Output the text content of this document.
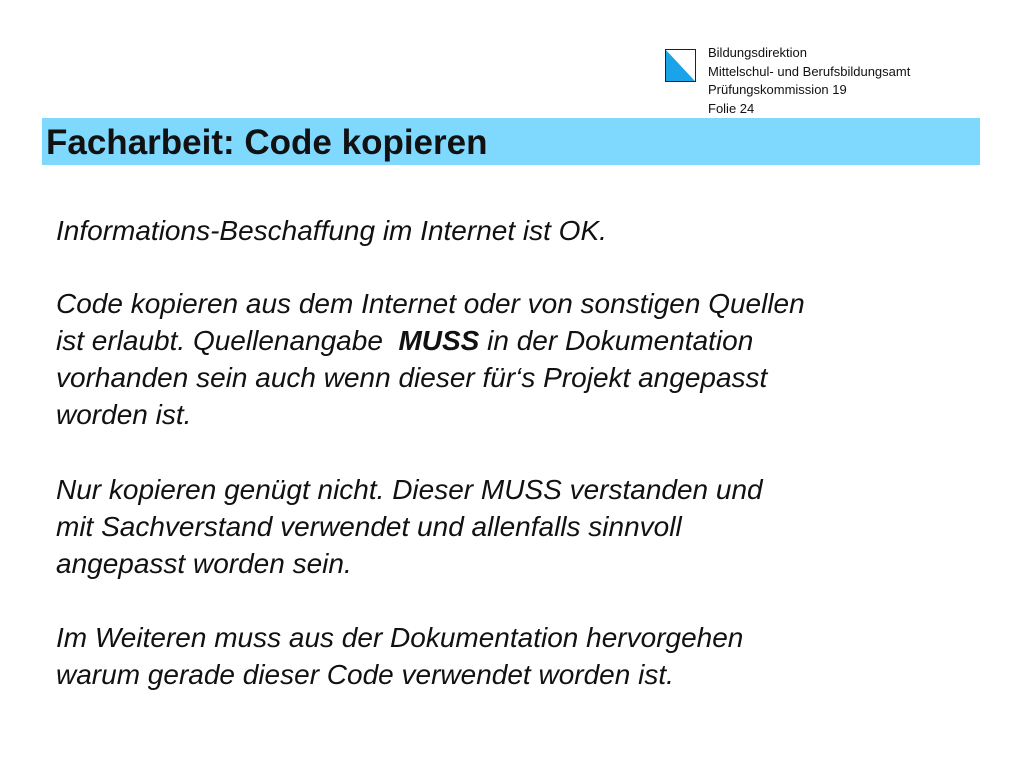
Bildungsdirektion
Mittelschul- und Berufsbildungsamt
Prüfungskommission 19
Folie 24
Facharbeit: Code kopieren
Informations-Beschaffung im Internet ist OK.
Code kopieren aus dem Internet oder von sonstigen Quellen
ist erlaubt. Quellenangabe  MUSS in der Dokumentation
vorhanden sein auch wenn dieser für‘s Projekt angepasst
worden ist.
Nur kopieren genügt nicht. Dieser MUSS verstanden und
mit Sachverstand verwendet und allenfalls sinnvoll
angepasst worden sein.
Im Weiteren muss aus der Dokumentation hervorgehen
warum gerade dieser Code verwendet worden ist.
